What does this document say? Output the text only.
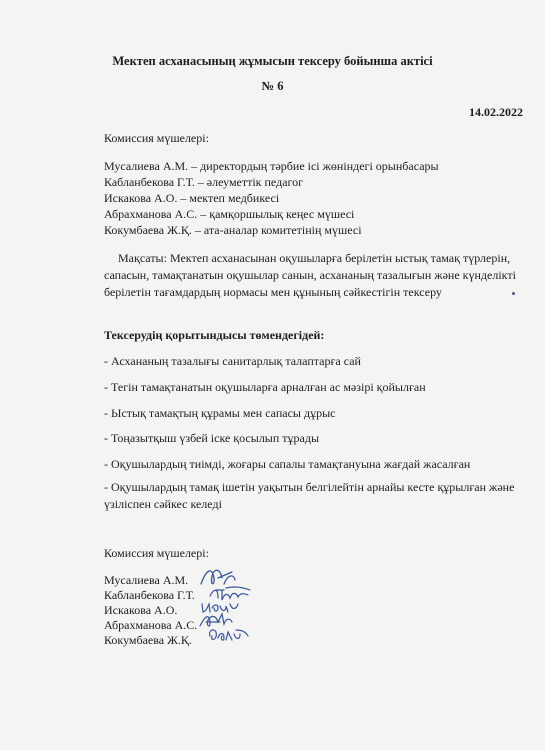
Мектеп асханасының жұмысын тексеру бойынша актісі
№ 6
14.02.2022
Комиссия мүшелері:
Мусалиева А.М. – директордың тәрбие ісі жөніндегі орынбасары
Кабланбекова Г.Т. – әлеуметтік педагог
Искакова А.О. – мектеп медбикесі
Абрахманова А.С. – қамқоршылық кеңес мүшесі
Кокумбаева Ж.Қ. – ата-аналар комитетінің мүшесі
Мақсаты: Мектеп асханасынан оқушыларға берілетін ыстық тамақ түрлерін, сапасын, тамақтанатын оқушылар санын, асхананың тазалығын және күнделікті берілетін тағамдардың нормасы мен құнының сәйкестігін тексеру
Тексерудің қорытындысы төмендегідей:
- Асхананың тазалығы санитарлық талаптарға сай
- Тегін тамақтанатын оқушыларға арналған ас мәзірі қойылған
- Ыстық тамақтың құрамы мен сапасы дұрыс
- Тоңазытқыш үзбей іске қосылып тұрады
- Оқушылардың тиімді, жоғары сапалы тамақтануына жағдай жасалған
- Оқушылардың тамақ ішетін уақытын белгілейтін арнайы кесте құрылған және үзіліспен сәйкес келеді
Комиссия мүшелері:
Мусалиева А.М.
Кабланбекова Г.Т.
Искакова А.О.
Абрахманова А.С.
Кокумбаева Ж.Қ.
